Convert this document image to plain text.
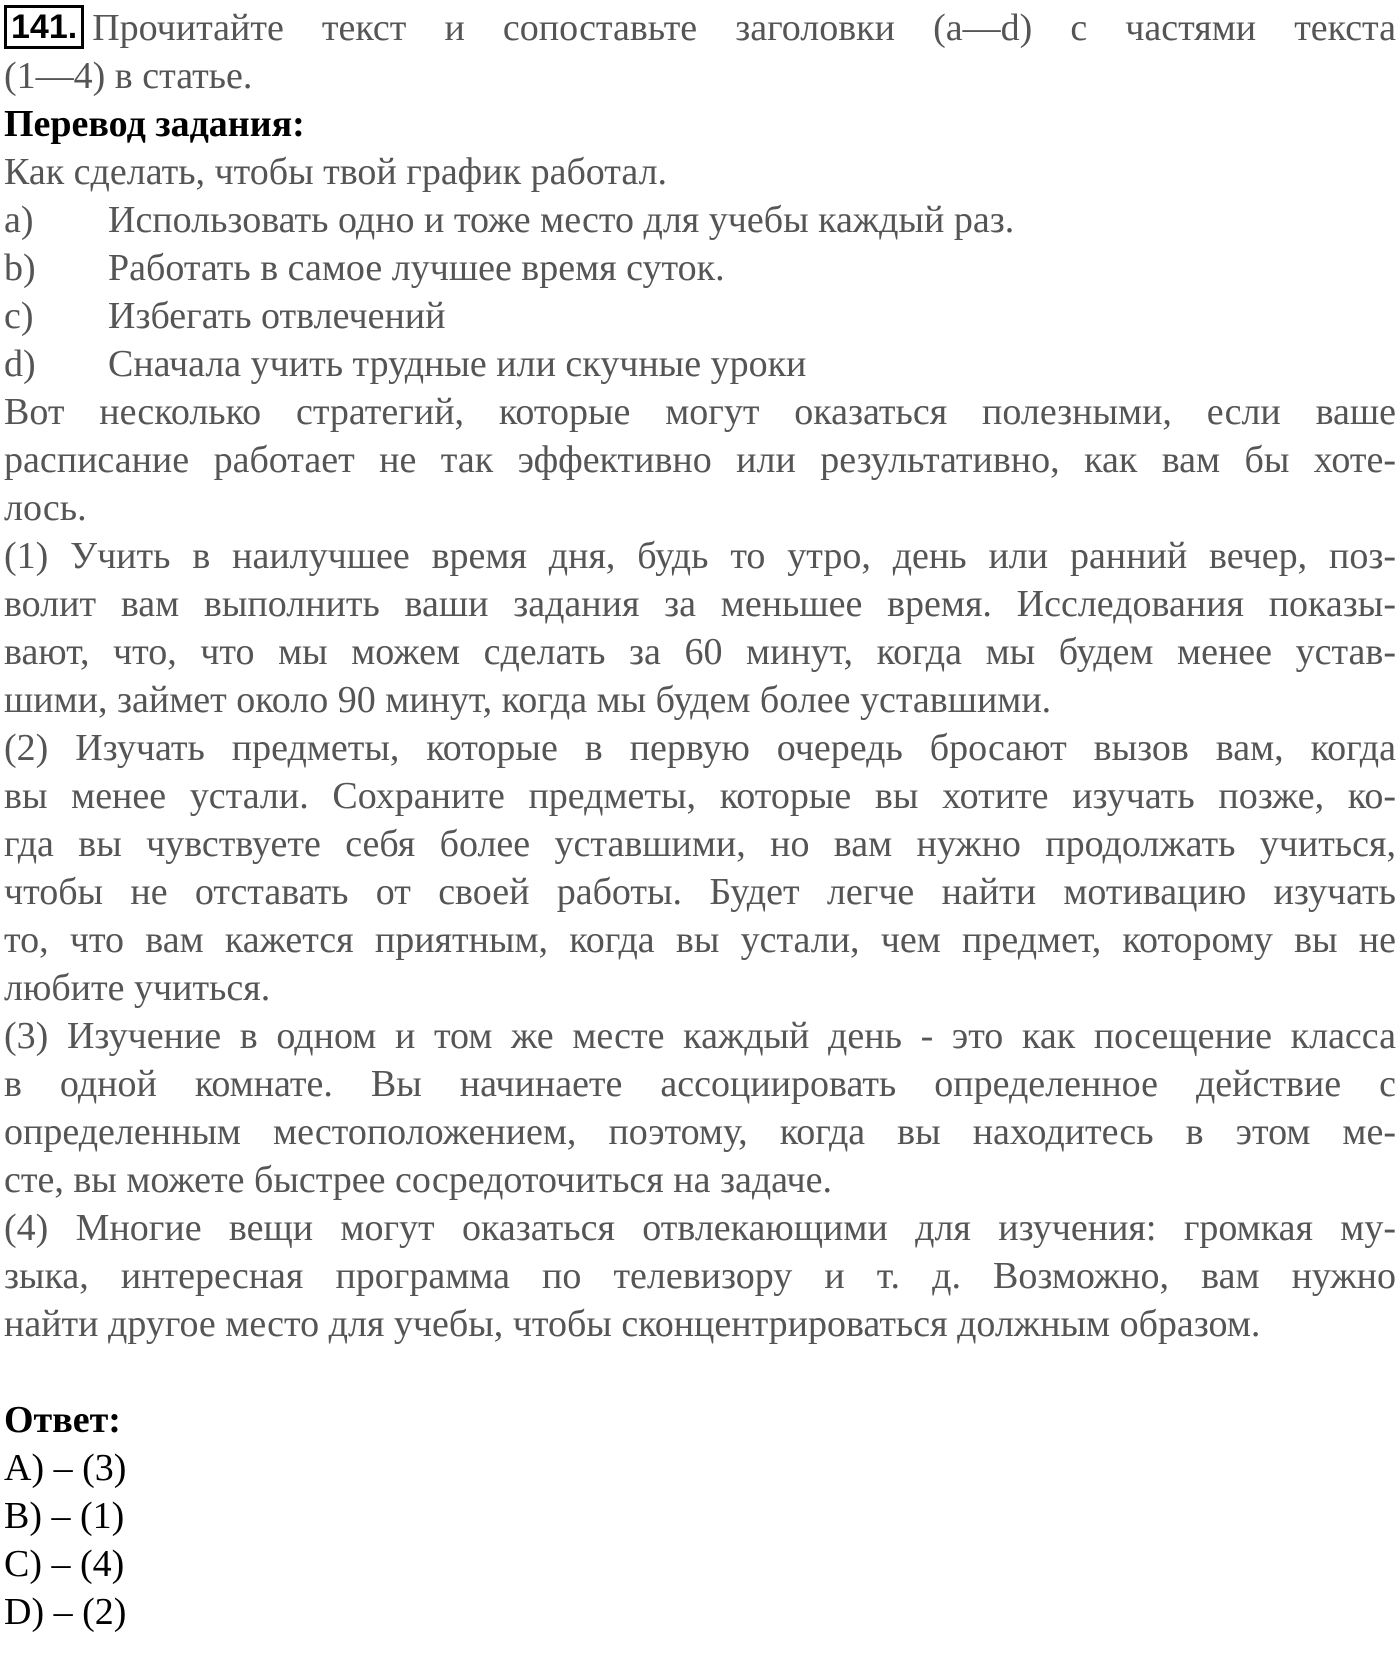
141. Прочитайте текст и сопоставьте заголовки (a—d) с частями текста
(1—4) в статье.
Перевод задания:
Как сделать, чтобы твой график работал.
a) Использовать одно и тоже место для учебы каждый раз.
b) Работать в самое лучшее время суток.
c) Избегать отвлечений
d) Сначала учить трудные или скучные уроки
Вот несколько стратегий, которые могут оказаться полезными, если ваше
расписание работает не так эффективно или результативно, как вам бы хоте-
лось.
(1) Учить в наилучшее время дня, будь то утро, день или ранний вечер, поз-
волит вам выполнить ваши задания за меньшее время. Исследования показы-
вают, что, что мы можем сделать за 60 минут, когда мы будем менее устав-
шими, займет около 90 минут, когда мы будем более уставшими.
(2) Изучать предметы, которые в первую очередь бросают вызов вам, когда
вы менее устали. Сохраните предметы, которые вы хотите изучать позже, ко-
гда вы чувствуете себя более уставшими, но вам нужно продолжать учиться,
чтобы не отставать от своей работы. Будет легче найти мотивацию изучать
то, что вам кажется приятным, когда вы устали, чем предмет, которому вы не
любите учиться.
(3) Изучение в одном и том же месте каждый день - это как посещение класса
в одной комнате. Вы начинаете ассоциировать определенное действие с
определенным местоположением, поэтому, когда вы находитесь в этом ме-
сте, вы можете быстрее сосредоточиться на задаче.
(4) Многие вещи могут оказаться отвлекающими для изучения: громкая му-
зыка, интересная программа по телевизору и т. д. Возможно, вам нужно
найти другое место для учебы, чтобы сконцентрироваться должным образом.
Ответ:
A) – (3)
B) – (1)
C) – (4)
D) – (2)
